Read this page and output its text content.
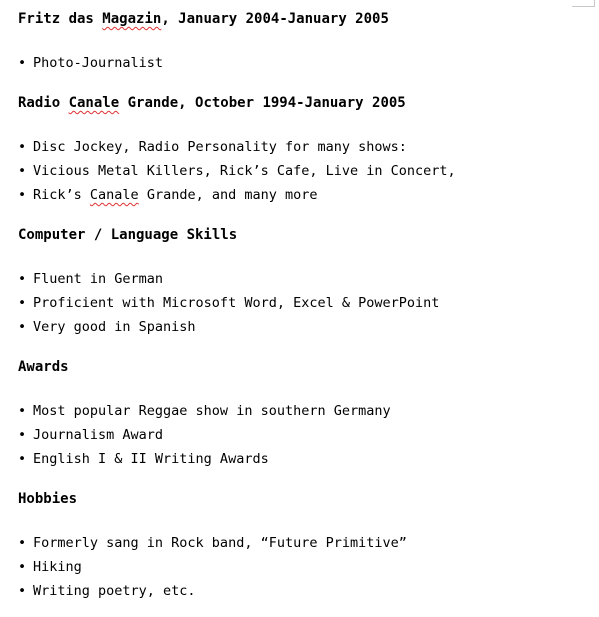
Fritz das Magazin, January 2004-January 2005
• Photo-Journalist
Radio Canale Grande, October 1994-January 2005
• Disc Jockey, Radio Personality for many shows:
• Vicious Metal Killers, Rick’s Cafe, Live in Concert,
• Rick’s Canale Grande, and many more
Computer / Language Skills
• Fluent in German
• Proficient with Microsoft Word, Excel & PowerPoint
• Very good in Spanish
Awards
• Most popular Reggae show in southern Germany
• Journalism Award
• English I & II Writing Awards
Hobbies
• Formerly sang in Rock band, “Future Primitive”
• Hiking
• Writing poetry, etc.
